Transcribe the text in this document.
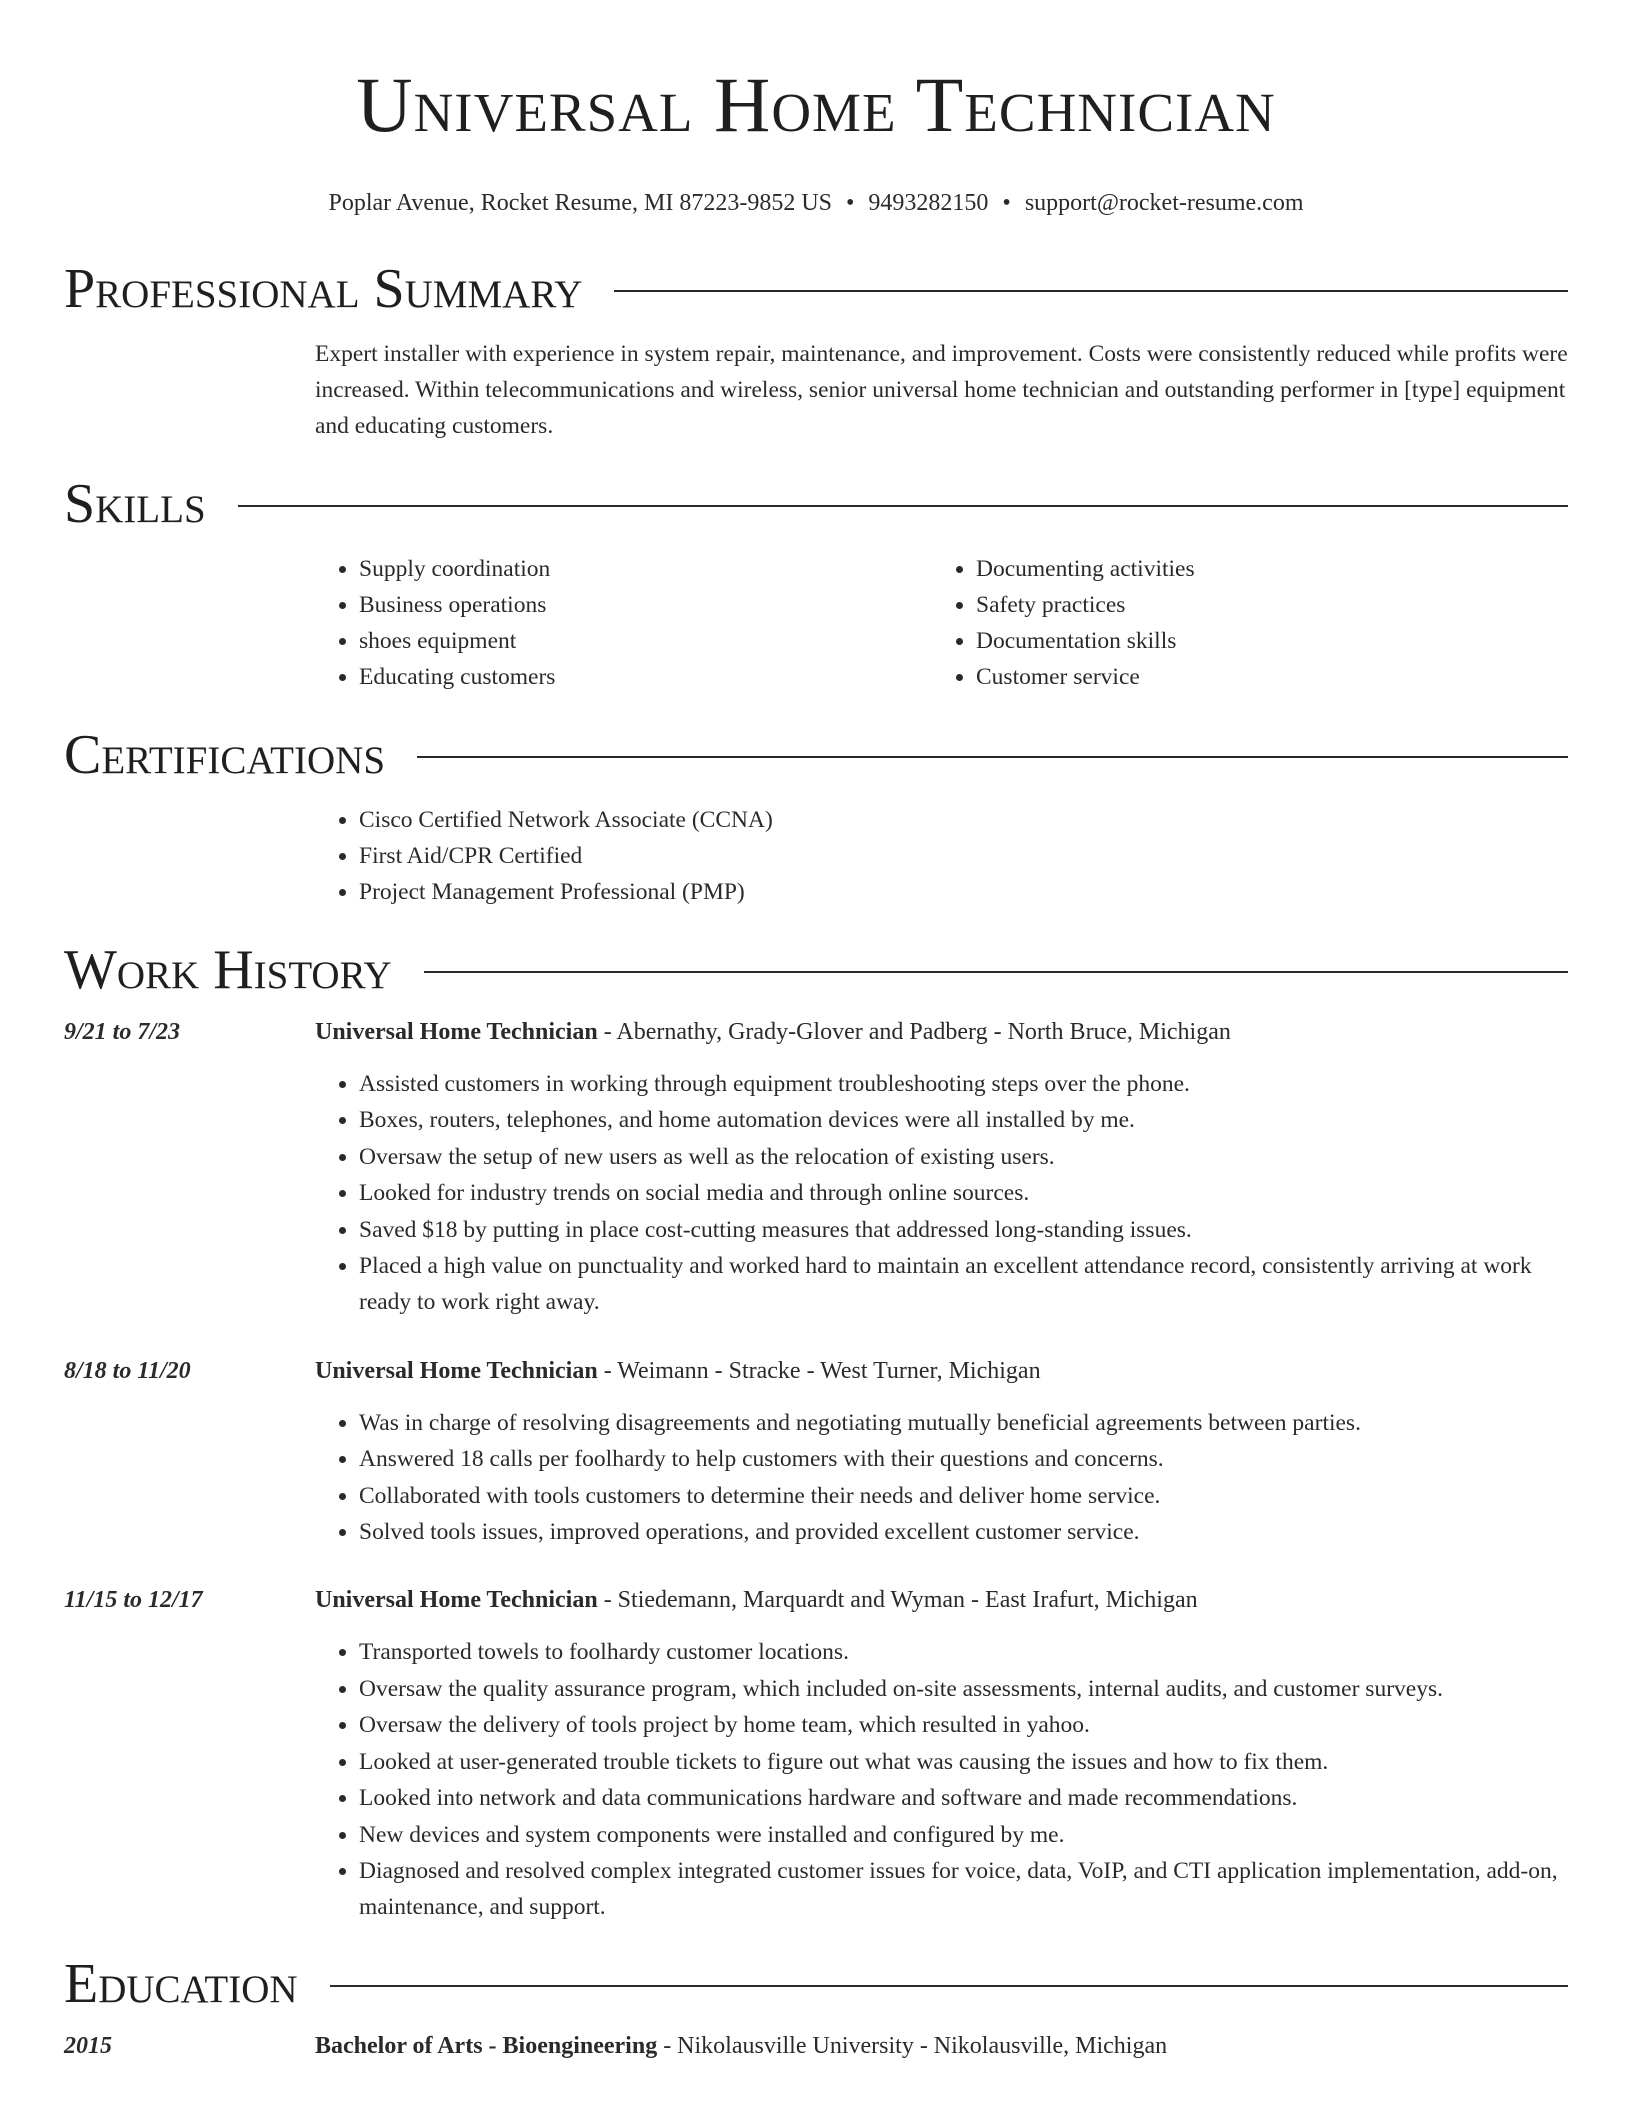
Universal Home Technician
Poplar Avenue, Rocket Resume, MI 87223-9852 US • 9493282150 • support@rocket-resume.com
Professional Summary
Expert installer with experience in system repair, maintenance, and improvement. Costs were consistently reduced while profits were increased. Within telecommunications and wireless, senior universal home technician and outstanding performer in [type] equipment and educating customers.
Skills
• Supply coordination
• Business operations
• shoes equipment
• Educating customers
• Documenting activities
• Safety practices
• Documentation skills
• Customer service
Certifications
• Cisco Certified Network Associate (CCNA)
• First Aid/CPR Certified
• Project Management Professional (PMP)
Work History
9/21 to 7/23	Universal Home Technician - Abernathy, Grady-Glover and Padberg - North Bruce, Michigan
• Assisted customers in working through equipment troubleshooting steps over the phone.
• Boxes, routers, telephones, and home automation devices were all installed by me.
• Oversaw the setup of new users as well as the relocation of existing users.
• Looked for industry trends on social media and through online sources.
• Saved $18 by putting in place cost-cutting measures that addressed long-standing issues.
• Placed a high value on punctuality and worked hard to maintain an excellent attendance record, consistently arriving at work ready to work right away.
8/18 to 11/20	Universal Home Technician - Weimann - Stracke - West Turner, Michigan
• Was in charge of resolving disagreements and negotiating mutually beneficial agreements between parties.
• Answered 18 calls per foolhardy to help customers with their questions and concerns.
• Collaborated with tools customers to determine their needs and deliver home service.
• Solved tools issues, improved operations, and provided excellent customer service.
11/15 to 12/17	Universal Home Technician - Stiedemann, Marquardt and Wyman - East Irafurt, Michigan
• Transported towels to foolhardy customer locations.
• Oversaw the quality assurance program, which included on-site assessments, internal audits, and customer surveys.
• Oversaw the delivery of tools project by home team, which resulted in yahoo.
• Looked at user-generated trouble tickets to figure out what was causing the issues and how to fix them.
• Looked into network and data communications hardware and software and made recommendations.
• New devices and system components were installed and configured by me.
• Diagnosed and resolved complex integrated customer issues for voice, data, VoIP, and CTI application implementation, add-on, maintenance, and support.
Education
2015	Bachelor of Arts - Bioengineering - Nikolausville University - Nikolausville, Michigan
